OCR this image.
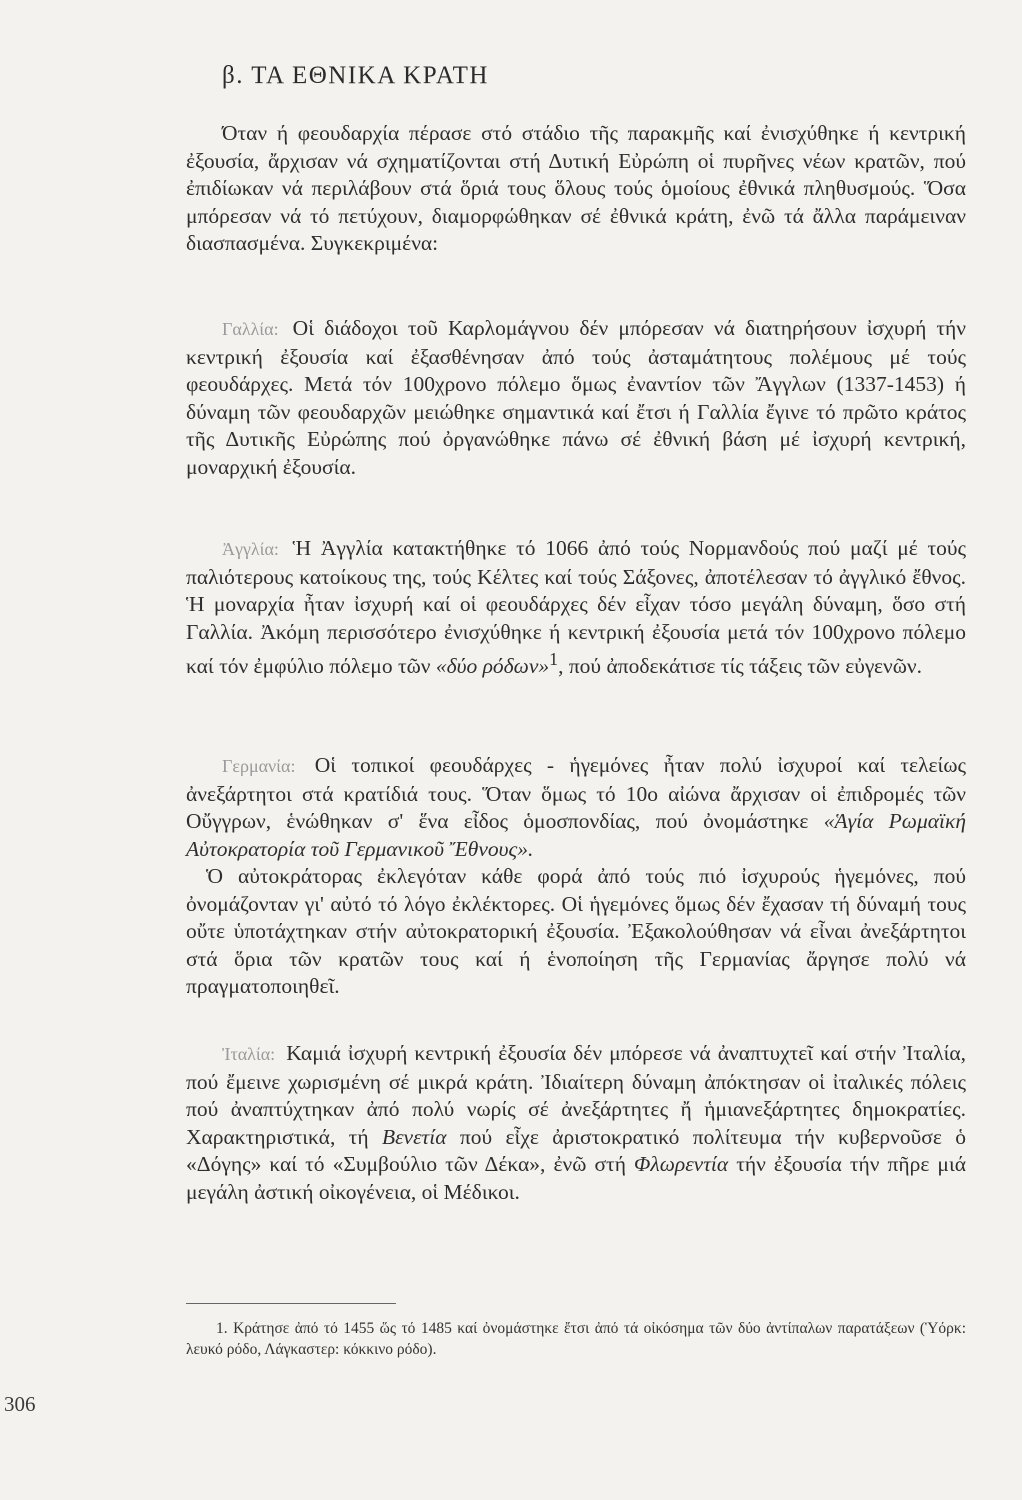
β. ΤΑ ΕΘΝΙΚΑ ΚΡΑΤΗ

Όταν ή φεουδαρχία πέρασε στό στάδιο τῆς παρακμῆς καί ἐνισχύθηκε ή κεντρική ἐξουσία, ἄρχισαν νά σχηματίζονται στή Δυτική Εὐρώπη οἱ πυρῆνες νέων κρατῶν, πού ἐπιδίωκαν νά περιλάβουν στά ὅριά τους ὅλους τούς ὁμοίους ἐθνικά πληθυσμούς. Ὅσα μπόρεσαν νά τό πετύχουν, διαμορφώθηκαν σέ ἐθνικά κράτη, ἐνῶ τά ἄλλα παράμειναν διασπασμένα. Συγκεκριμένα:

Γαλλία: Οἱ διάδοχοι τοῦ Καρλομάγνου δέν μπόρεσαν νά διατηρήσουν ἰσχυρή τήν κεντρική ἐξουσία καί ἐξασθένησαν ἀπό τούς ἀσταμάτητους πολέμους μέ τούς φεουδάρχες. Μετά τόν 100χρονο πόλεμο ὅμως ἐναντίον τῶν Ἄγγλων (1337-1453) ή δύναμη τῶν φεουδαρχῶν μειώθηκε σημαντικά καί ἔτσι ή Γαλλία ἔγινε τό πρῶτο κράτος τῆς Δυτικῆς Εὐρώπης πού ὀργανώθηκε πάνω σέ ἐθνική βάση μέ ἰσχυρή κεντρική, μοναρχική ἐξουσία.

Ἀγγλία: Ἡ Ἀγγλία κατακτήθηκε τό 1066 ἀπό τούς Νορμανδούς πού μαζί μέ τούς παλιότερους κατοίκους της, τούς Κέλτες καί τούς Σάξονες, ἀποτέλεσαν τό ἀγγλικό ἔθνος. Ἡ μοναρχία ἦταν ἰσχυρή καί οἱ φεουδάρχες δέν εἶχαν τόσο μεγάλη δύναμη, ὅσο στή Γαλλία. Ἀκόμη περισσότερο ἐνισχύθηκε ή κεντρική ἐξουσία μετά τόν 100χρονο πόλεμο καί τόν ἐμφύλιο πόλεμο τῶν «δύο ρόδων»$^1$, πού ἀποδεκάτισε τίς τάξεις τῶν εὐγενῶν.

Γερμανία: Οἱ τοπικοί φεουδάρχες - ἡγεμόνες ἦταν πολύ ἰσχυροί καί τελείως ἀνεξάρτητοι στά κρατίδιά τους. Ὅταν ὅμως τό 10ο αἰώνα ἄρχισαν οἱ ἐπιδρομές τῶν Οὔγγρων, ἑνώθηκαν σ' ἕνα εἶδος ὁμοσπονδίας, πού ὀνομάστηκε «Ἁγία Ρωμαϊκή Αὐτοκρατορία τοῦ Γερμανικοῦ Ἔθνους».

Ὁ αὐτοκράτορας ἐκλεγόταν κάθε φορά ἀπό τούς πιό ἰσχυρούς ἡγεμόνες, πού ὀνομάζονταν γι' αὐτό τό λόγο ἐκλέκτορες. Οἱ ἡγεμόνες ὅμως δέν ἔχασαν τή δύναμή τους οὔτε ὑποτάχτηκαν στήν αὐτοκρατορική ἐξουσία. Ἐξακολούθησαν νά εἶναι ἀνεξάρτητοι στά ὅρια τῶν κρατῶν τους καί ή ἑνοποίηση τῆς Γερμανίας ἄργησε πολύ νά πραγματοποιηθεῖ.

Ἰταλία: Καμιά ἰσχυρή κεντρική ἐξουσία δέν μπόρεσε νά ἀναπτυχτεῖ καί στήν Ἰταλία, πού ἔμεινε χωρισμένη σέ μικρά κράτη. Ἰδιαίτερη δύναμη ἀπόκτησαν οἱ ἰταλικές πόλεις πού ἀναπτύχτηκαν ἀπό πολύ νωρίς σέ ἀνεξάρτητες ἤ ἡμιανεξάρτητες δημοκρατίες. Χαρακτηριστικά, τή Βενετία πού εἶχε ἀριστοκρατικό πολίτευμα τήν κυβερνοῦσε ὁ «Δόγης» καί τό «Συμβούλιο τῶν Δέκα», ἐνῶ στή Φλωρεντία τήν ἐξουσία τήν πῆρε μιά μεγάλη ἀστική οἰκογένεια, οἱ Μέδικοι.

1. Κράτησε ἀπό τό 1455 ὥς τό 1485 καί ὀνομάστηκε ἔτσι ἀπό τά οἰκόσημα τῶν δύο ἀντίπαλων παρατάξεων (Ὑόρκ: λευκό ρόδο, Λάγκαστερ: κόκκινο ρόδο).

306
